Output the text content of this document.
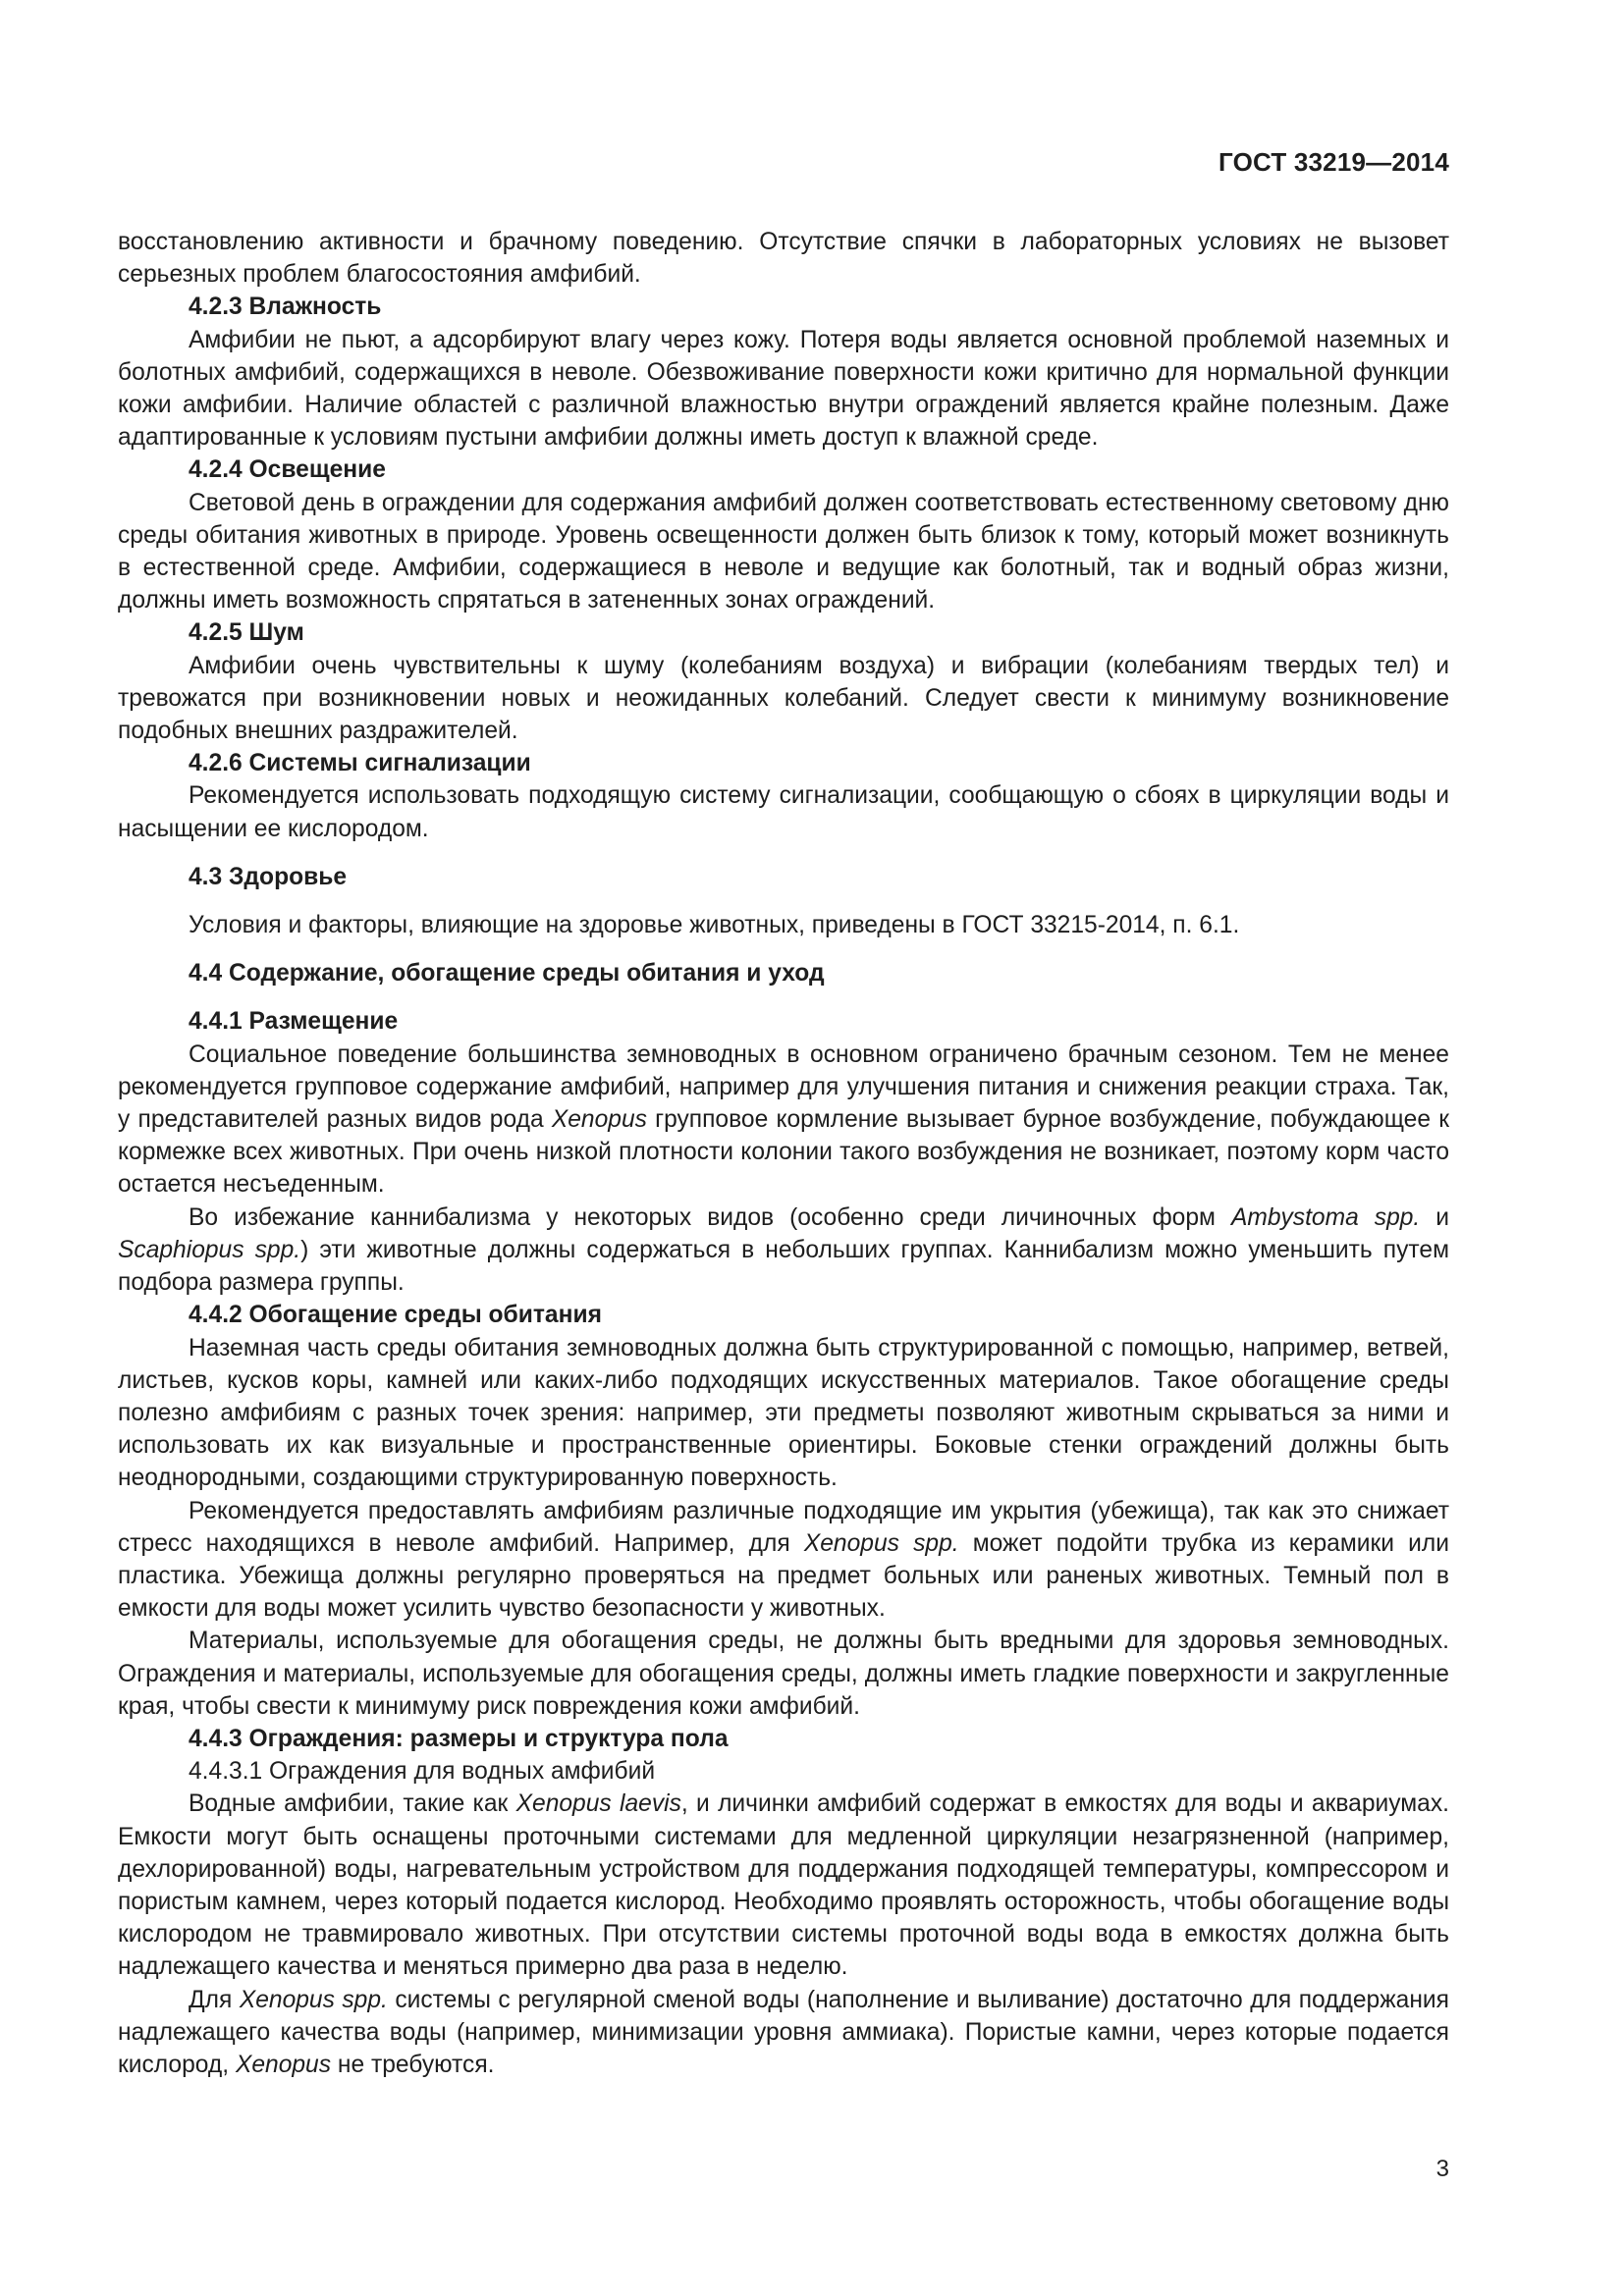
ГОСТ 33219—2014

восстановлению активности и брачному поведению. Отсутствие спячки в лабораторных условиях не вызовет серьезных проблем благосостояния амфибий.

4.2.3 Влажность

Амфибии не пьют, а адсорбируют влагу через кожу. Потеря воды является основной проблемой наземных и болотных амфибий, содержащихся в неволе. Обезвоживание поверхности кожи критично для нормальной функции кожи амфибии. Наличие областей с различной влажностью внутри ограждений является крайне полезным. Даже адаптированные к условиям пустыни амфибии должны иметь доступ к влажной среде.

4.2.4 Освещение

Световой день в ограждении для содержания амфибий должен соответствовать естественному световому дню среды обитания животных в природе. Уровень освещенности должен быть близок к тому, который может возникнуть в естественной среде. Амфибии, содержащиеся в неволе и ведущие как болотный, так и водный образ жизни, должны иметь возможность спрятаться в затененных зонах ограждений.

4.2.5 Шум

Амфибии очень чувствительны к шуму (колебаниям воздуха) и вибрации (колебаниям твердых тел) и тревожатся при возникновении новых и неожиданных колебаний. Следует свести к минимуму возникновение подобных внешних раздражителей.

4.2.6 Системы сигнализации

Рекомендуется использовать подходящую систему сигнализации, сообщающую о сбоях в циркуляции воды и насыщении ее кислородом.

4.3 Здоровье

Условия и факторы, влияющие на здоровье животных, приведены в ГОСТ 33215-2014, п. 6.1.

4.4 Содержание, обогащение среды обитания и уход

4.4.1 Размещение

Социальное поведение большинства земноводных в основном ограничено брачным сезоном. Тем не менее рекомендуется групповое содержание амфибий, например для улучшения питания и снижения реакции страха. Так, у представителей разных видов рода Xenopus групповое кормление вызывает бурное возбуждение, побуждающее к кормежке всех животных. При очень низкой плотности колонии такого возбуждения не возникает, поэтому корм часто остается несъеденным.

Во избежание каннибализма у некоторых видов (особенно среди личиночных форм Ambystoma spp. и Scaphiopus spp.) эти животные должны содержаться в небольших группах. Каннибализм можно уменьшить путем подбора размера группы.

4.4.2 Обогащение среды обитания

Наземная часть среды обитания земноводных должна быть структурированной с помощью, например, ветвей, листьев, кусков коры, камней или каких-либо подходящих искусственных материалов. Такое обогащение среды полезно амфибиям с разных точек зрения: например, эти предметы позволяют животным скрываться за ними и использовать их как визуальные и пространственные ориентиры. Боковые стенки ограждений должны быть неоднородными, создающими структурированную поверхность.

Рекомендуется предоставлять амфибиям различные подходящие им укрытия (убежища), так как это снижает стресс находящихся в неволе амфибий. Например, для Xenopus spp. может подойти трубка из керамики или пластика. Убежища должны регулярно проверяться на предмет больных или раненых животных. Темный пол в емкости для воды может усилить чувство безопасности у животных.

Материалы, используемые для обогащения среды, не должны быть вредными для здоровья земноводных. Ограждения и материалы, используемые для обогащения среды, должны иметь гладкие поверхности и закругленные края, чтобы свести к минимуму риск повреждения кожи амфибий.

4.4.3 Ограждения: размеры и структура пола

4.4.3.1 Ограждения для водных амфибий

Водные амфибии, такие как Xenopus laevis, и личинки амфибий содержат в емкостях для воды и аквариумах. Емкости могут быть оснащены проточными системами для медленной циркуляции незагрязненной (например, дехлорированной) воды, нагревательным устройством для поддержания подходящей температуры, компрессором и пористым камнем, через который подается кислород. Необходимо проявлять осторожность, чтобы обогащение воды кислородом не травмировало животных. При отсутствии системы проточной воды вода в емкостях должна быть надлежащего качества и меняться примерно два раза в неделю.

Для Xenopus spp. системы с регулярной сменой воды (наполнение и выливание) достаточно для поддержания надлежащего качества воды (например, минимизации уровня аммиака). Пористые камни, через которые подается кислород, Xenopus не требуются.

3
